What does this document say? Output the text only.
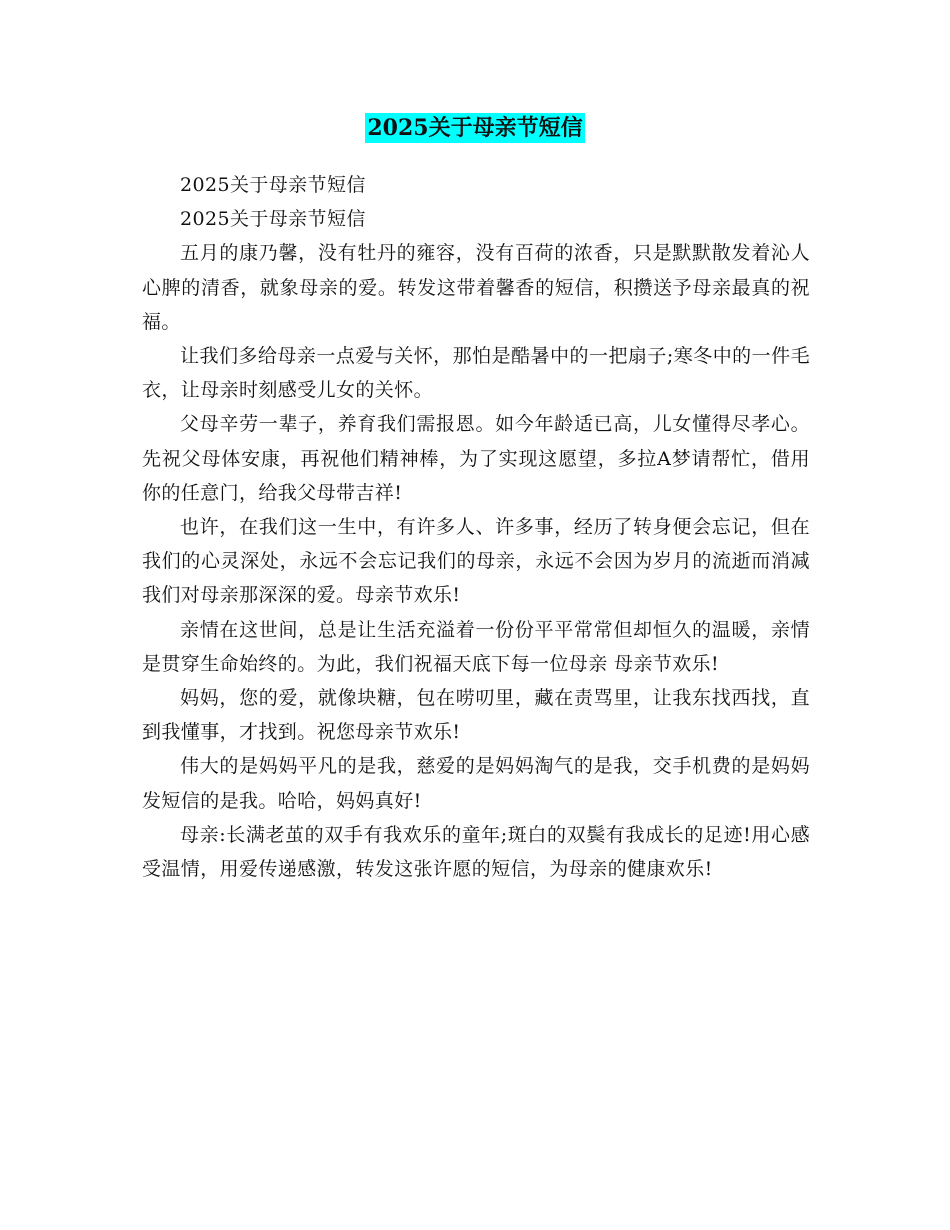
2025关于母亲节短信

2025关于母亲节短信

2025关于母亲节短信

五月的康乃馨，没有牡丹的雍容，没有百荷的浓香，只是默默散发着沁人心脾的清香，就象母亲的爱。转发这带着馨香的短信，积攒送予母亲最真的祝福。

让我们多给母亲一点爱与关怀，那怕是酷暑中的一把扇子;寒冬中的一件毛衣，让母亲时刻感受儿女的关怀。

父母辛劳一辈子，养育我们需报恩。如今年龄适已高，儿女懂得尽孝心。先祝父母体安康，再祝他们精神棒，为了实现这愿望，多拉A梦请帮忙，借用你的任意门，给我父母带吉祥!

也许，在我们这一生中，有许多人、许多事，经历了转身便会忘记，但在我们的心灵深处，永远不会忘记我们的母亲，永远不会因为岁月的流逝而消减我们对母亲那深深的爱。母亲节欢乐!

亲情在这世间，总是让生活充溢着一份份平平常常但却恒久的温暖，亲情是贯穿生命始终的。为此，我们祝福天底下每一位母亲 母亲节欢乐!

妈妈，您的爱，就像块糖，包在唠叨里，藏在责骂里，让我东找西找，直到我懂事，才找到。祝您母亲节欢乐!

伟大的是妈妈平凡的是我，慈爱的是妈妈淘气的是我，交手机费的是妈妈发短信的是我。哈哈，妈妈真好!

母亲:长满老茧的双手有我欢乐的童年;斑白的双鬓有我成长的足迹!用心感受温情，用爱传递感激，转发这张许愿的短信，为母亲的健康欢乐!
